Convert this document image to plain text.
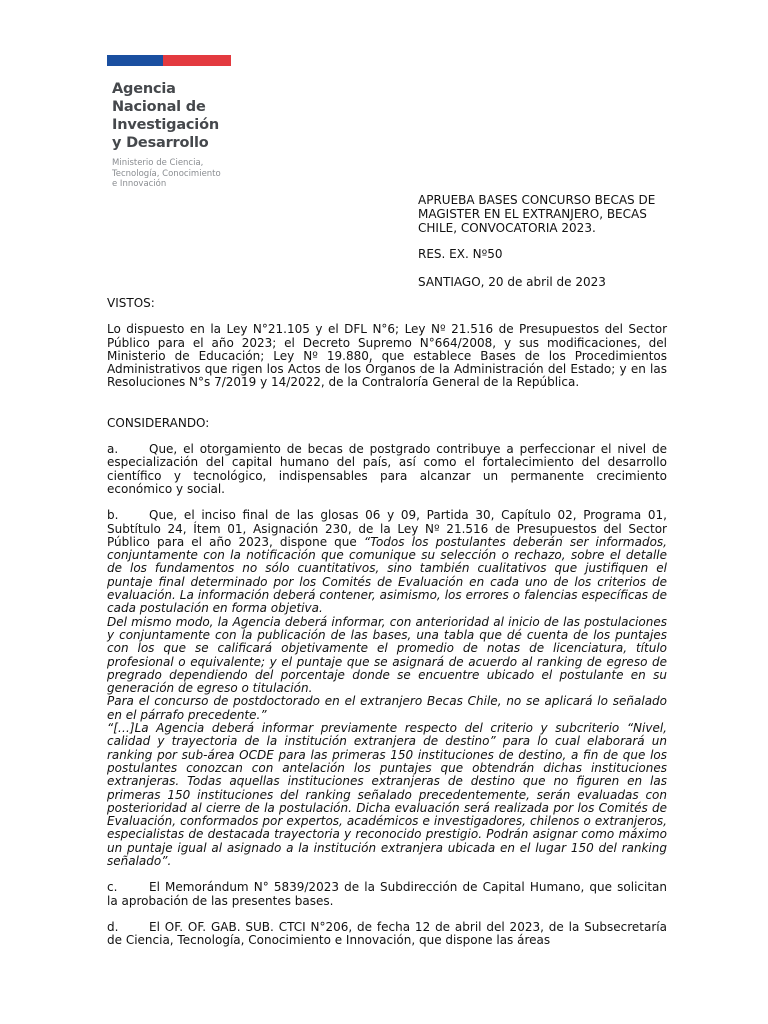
Agencia
Nacional de
Investigación
y Desarrollo
Ministerio de Ciencia,
Tecnología, Conocimiento
e Innovación

APRUEBA BASES CONCURSO BECAS DE MAGISTER EN EL EXTRANJERO, BECAS CHILE, CONVOCATORIA 2023.

RES. EX. Nº50

SANTIAGO, 20 de abril de 2023

VISTOS:

Lo dispuesto en la Ley N°21.105 y el DFL N°6; Ley Nº 21.516 de Presupuestos del Sector Público para el año 2023; el Decreto Supremo N°664/2008, y sus modificaciones, del Ministerio de Educación; Ley Nº 19.880, que establece Bases de los Procedimientos Administrativos que rigen los Actos de los Órganos de la Administración del Estado; y en las Resoluciones N°s 7/2019 y 14/2022, de la Contraloría General de la República.

CONSIDERANDO:

a.	Que, el otorgamiento de becas de postgrado contribuye a perfeccionar el nivel de especialización del capital humano del país, así como el fortalecimiento del desarrollo científico y tecnológico, indispensables para alcanzar un permanente crecimiento económico y social.

b.	Que, el inciso final de las glosas 06 y 09, Partida 30, Capítulo 02, Programa 01, Subtítulo 24, Ítem 01, Asignación 230, de la Ley Nº 21.516 de Presupuestos del Sector Público para el año 2023, dispone que “Todos los postulantes deberán ser informados, conjuntamente con la notificación que comunique su selección o rechazo, sobre el detalle de los fundamentos no sólo cuantitativos, sino también cualitativos que justifiquen el puntaje final determinado por los Comités de Evaluación en cada uno de los criterios de evaluación. La información deberá contener, asimismo, los errores o falencias específicas de cada postulación en forma objetiva.

Del mismo modo, la Agencia deberá informar, con anterioridad al inicio de las postulaciones y conjuntamente con la publicación de las bases, una tabla que dé cuenta de los puntajes con los que se calificará objetivamente el promedio de notas de licenciatura, título profesional o equivalente; y el puntaje que se asignará de acuerdo al ranking de egreso de pregrado dependiendo del porcentaje donde se encuentre ubicado el postulante en su generación de egreso o titulación.

Para el concurso de postdoctorado en el extranjero Becas Chile, no se aplicará lo señalado en el párrafo precedente.”

“[…]La Agencia deberá informar previamente respecto del criterio y subcriterio “Nivel, calidad y trayectoria de la institución extranjera de destino” para lo cual elaborará un ranking por sub-área OCDE para las primeras 150 instituciones de destino, a fin de que los postulantes conozcan con antelación los puntajes que obtendrán dichas instituciones extranjeras. Todas aquellas instituciones extranjeras de destino que no figuren en las primeras 150 instituciones del ranking señalado precedentemente, serán evaluadas con posterioridad al cierre de la postulación. Dicha evaluación será realizada por los Comités de Evaluación, conformados por expertos, académicos e investigadores, chilenos o extranjeros, especialistas de destacada trayectoria y reconocido prestigio. Podrán asignar como máximo un puntaje igual al asignado a la institución extranjera ubicada en el lugar 150 del ranking señalado”.

c.	El Memorándum N° 5839/2023 de la Subdirección de Capital Humano, que solicitan la aprobación de las presentes bases.

d.	El OF. OF. GAB. SUB. CTCI N°206, de fecha 12 de abril del 2023, de la Subsecretaría de Ciencia, Tecnología, Conocimiento e Innovación, que dispone las áreas
